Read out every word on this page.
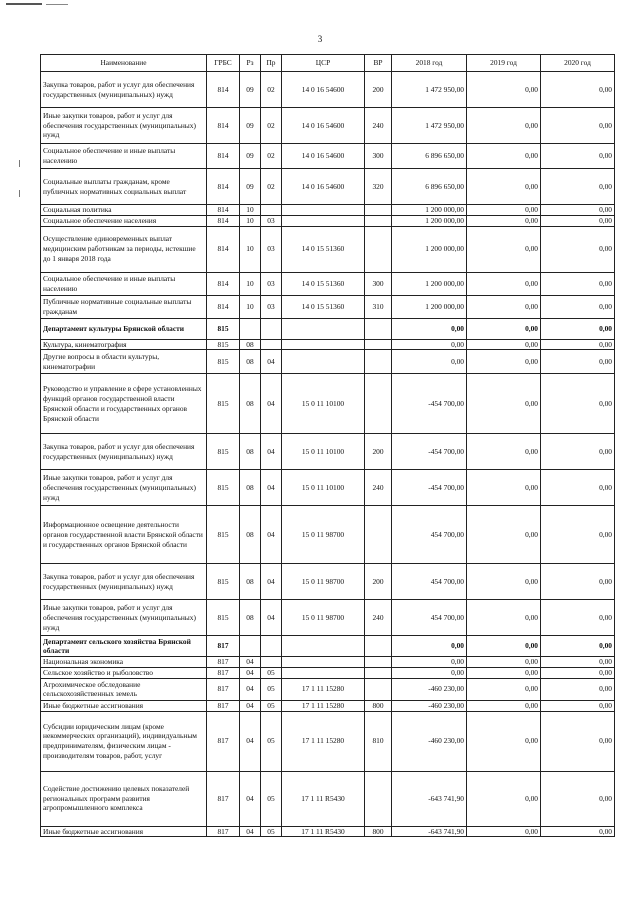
3
Наименование	ГРБС	Рз	Пр	ЦСР	ВР	2018 год	2019 год	2020 год
Закупка товаров, работ и услуг для обеспечения государственных (муниципальных) нужд	814	09	02	14 0 16 54600	200	1 472 950,00	0,00	0,00
Иные закупки товаров, работ и услуг для обеспечения государственных (муниципальных) нужд	814	09	02	14 0 16 54600	240	1 472 950,00	0,00	0,00
Социальное обеспечение и иные выплаты населению	814	09	02	14 0 16 54600	300	6 896 650,00	0,00	0,00
Социальные выплаты гражданам, кроме публичных нормативных социальных выплат	814	09	02	14 0 16 54600	320	6 896 650,00	0,00	0,00
Социальная политика	814	10				1 200 000,00	0,00	0,00
Социальное обеспечение населения	814	10	03			1 200 000,00	0,00	0,00
Осуществление единовременных выплат медицинским работникам за периоды, истекшие до 1 января 2018 года	814	10	03	14 0 15 51360		1 200 000,00	0,00	0,00
Социальное обеспечение и иные выплаты населению	814	10	03	14 0 15 51360	300	1 200 000,00	0,00	0,00
Публичные нормативные социальные выплаты гражданам	814	10	03	14 0 15 51360	310	1 200 000,00	0,00	0,00
Департамент культуры Брянской области	815					0,00	0,00	0,00
Культура, кинематография	815	08				0,00	0,00	0,00
Другие вопросы в области культуры, кинематографии	815	08	04			0,00	0,00	0,00
Руководство и управление в сфере установленных функций органов государственной власти Брянской области и государственных органов Брянской области	815	08	04	15 0 11 10100		-454 700,00	0,00	0,00
Закупка товаров, работ и услуг для обеспечения государственных (муниципальных) нужд	815	08	04	15 0 11 10100	200	-454 700,00	0,00	0,00
Иные закупки товаров, работ и услуг для обеспечения государственных (муниципальных) нужд	815	08	04	15 0 11 10100	240	-454 700,00	0,00	0,00
Информационное освещение деятельности органов государственной власти Брянской области и государственных органов Брянской области	815	08	04	15 0 11 98700		454 700,00	0,00	0,00
Закупка товаров, работ и услуг для обеспечения государственных (муниципальных) нужд	815	08	04	15 0 11 98700	200	454 700,00	0,00	0,00
Иные закупки товаров, работ и услуг для обеспечения государственных (муниципальных) нужд	815	08	04	15 0 11 98700	240	454 700,00	0,00	0,00
Департамент сельского хозяйства Брянской области	817					0,00	0,00	0,00
Национальная экономика	817	04				0,00	0,00	0,00
Сельское хозяйство и рыболовство	817	04	05			0,00	0,00	0,00
Агрохимическое обследование сельскохозяйственных земель	817	04	05	17 1 11 15280		-460 230,00	0,00	0,00
Иные бюджетные ассигнования	817	04	05	17 1 11 15280	800	-460 230,00	0,00	0,00
Субсидии юридическим лицам (кроме некоммерческих организаций), индивидуальным предпринимателям, физическим лицам - производителям товаров, работ, услуг	817	04	05	17 1 11 15280	810	-460 230,00	0,00	0,00
Содействие достижению целевых показателей региональных программ развития агропромышленного комплекса	817	04	05	17 1 11 R5430		-643 741,90	0,00	0,00
Иные бюджетные ассигнования	817	04	05	17 1 11 R5430	800	-643 741,90	0,00	0,00
